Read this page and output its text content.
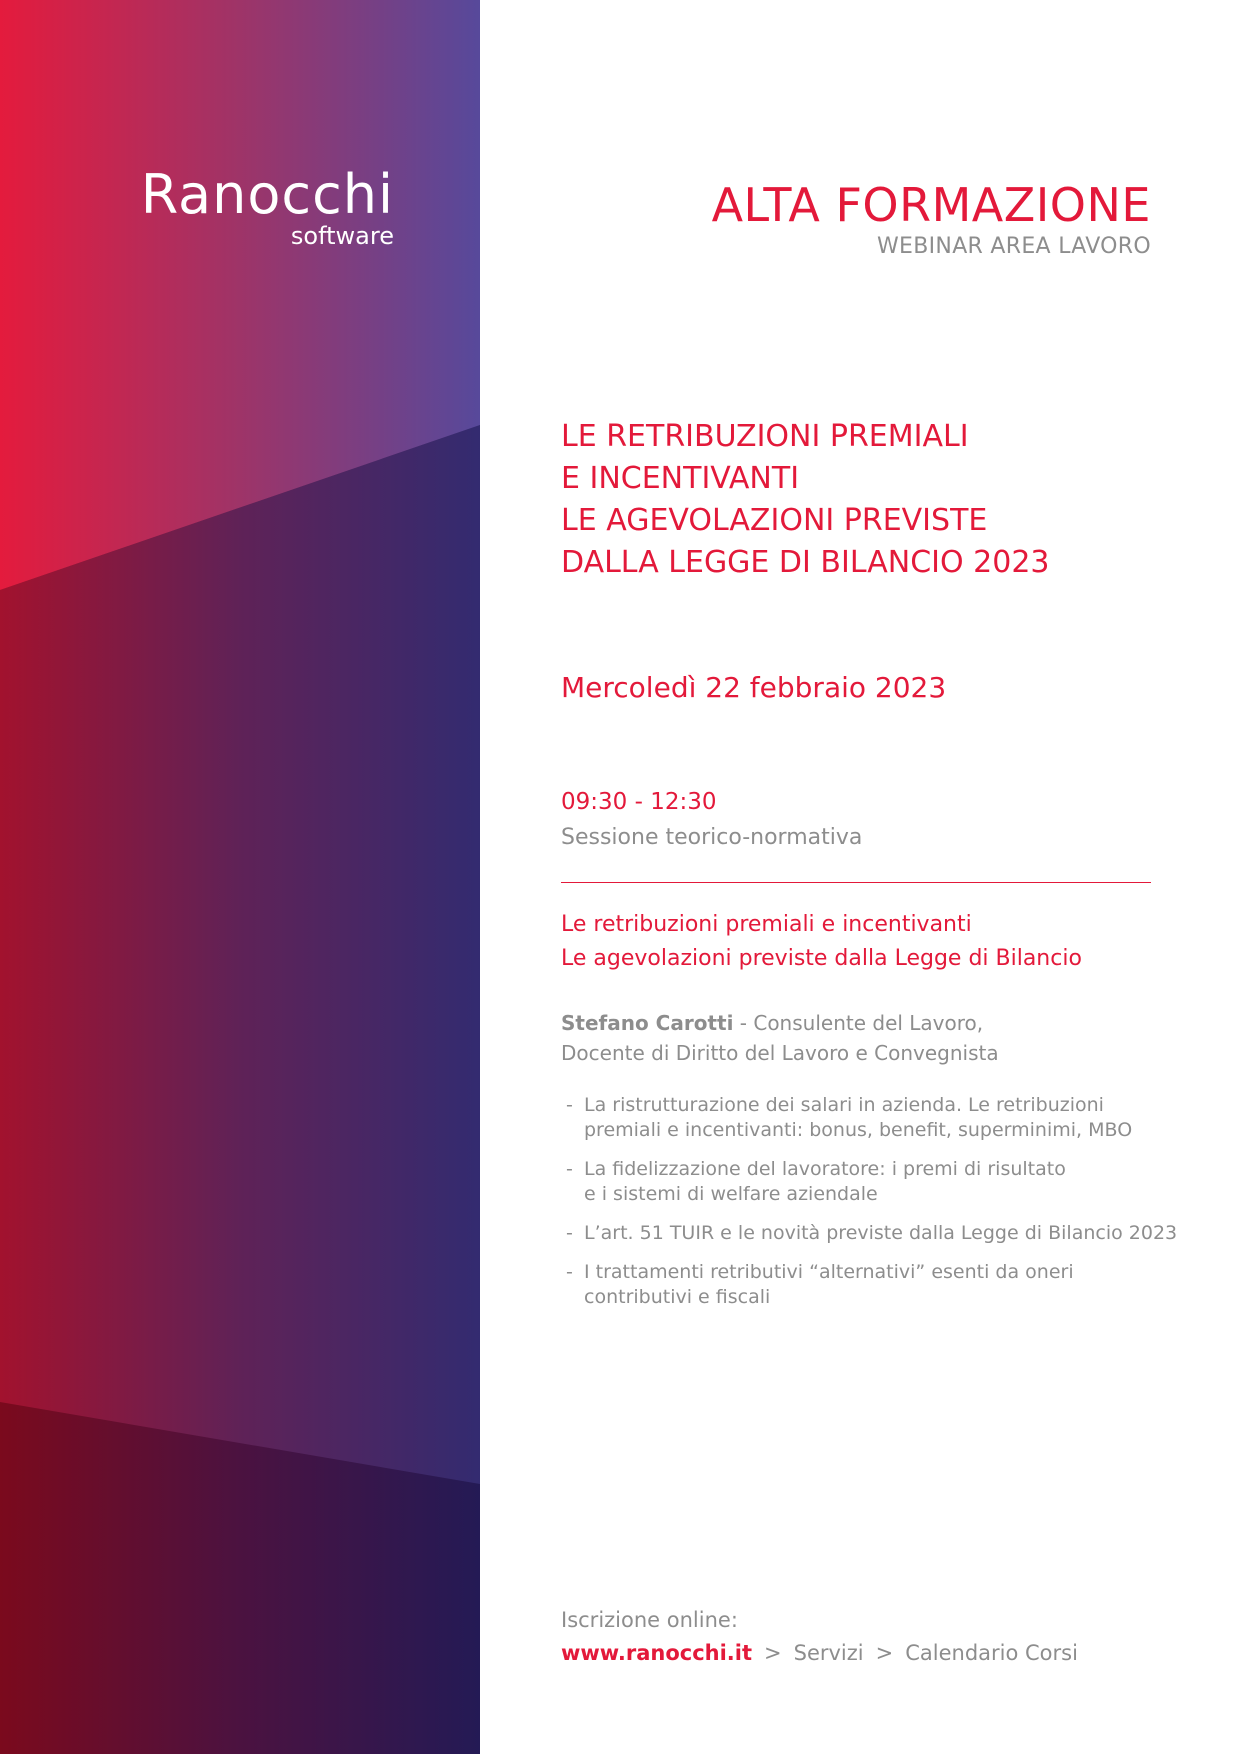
Ranocchi
software
ALTA FORMAZIONE
WEBINAR AREA LAVORO
LE RETRIBUZIONI PREMIALI
E INCENTIVANTI
LE AGEVOLAZIONI PREVISTE
DALLA LEGGE DI BILANCIO 2023
Mercoledì 22 febbraio 2023
09:30 - 12:30
Sessione teorico-normativa
Le retribuzioni premiali e incentivanti
Le agevolazioni previste dalla Legge di Bilancio
Stefano Carotti - Consulente del Lavoro,
Docente di Diritto del Lavoro e Convegnista
- La ristrutturazione dei salari in azienda. Le retribuzioni
premiali e incentivanti: bonus, benefit, superminimi, MBO
- La fidelizzazione del lavoratore: i premi di risultato
e i sistemi di welfare aziendale
- L’art. 51 TUIR e le novità previste dalla Legge di Bilancio 2023
- I trattamenti retributivi “alternativi” esenti da oneri
contributivi e fiscali
Iscrizione online:
www.ranocchi.it > Servizi > Calendario Corsi
